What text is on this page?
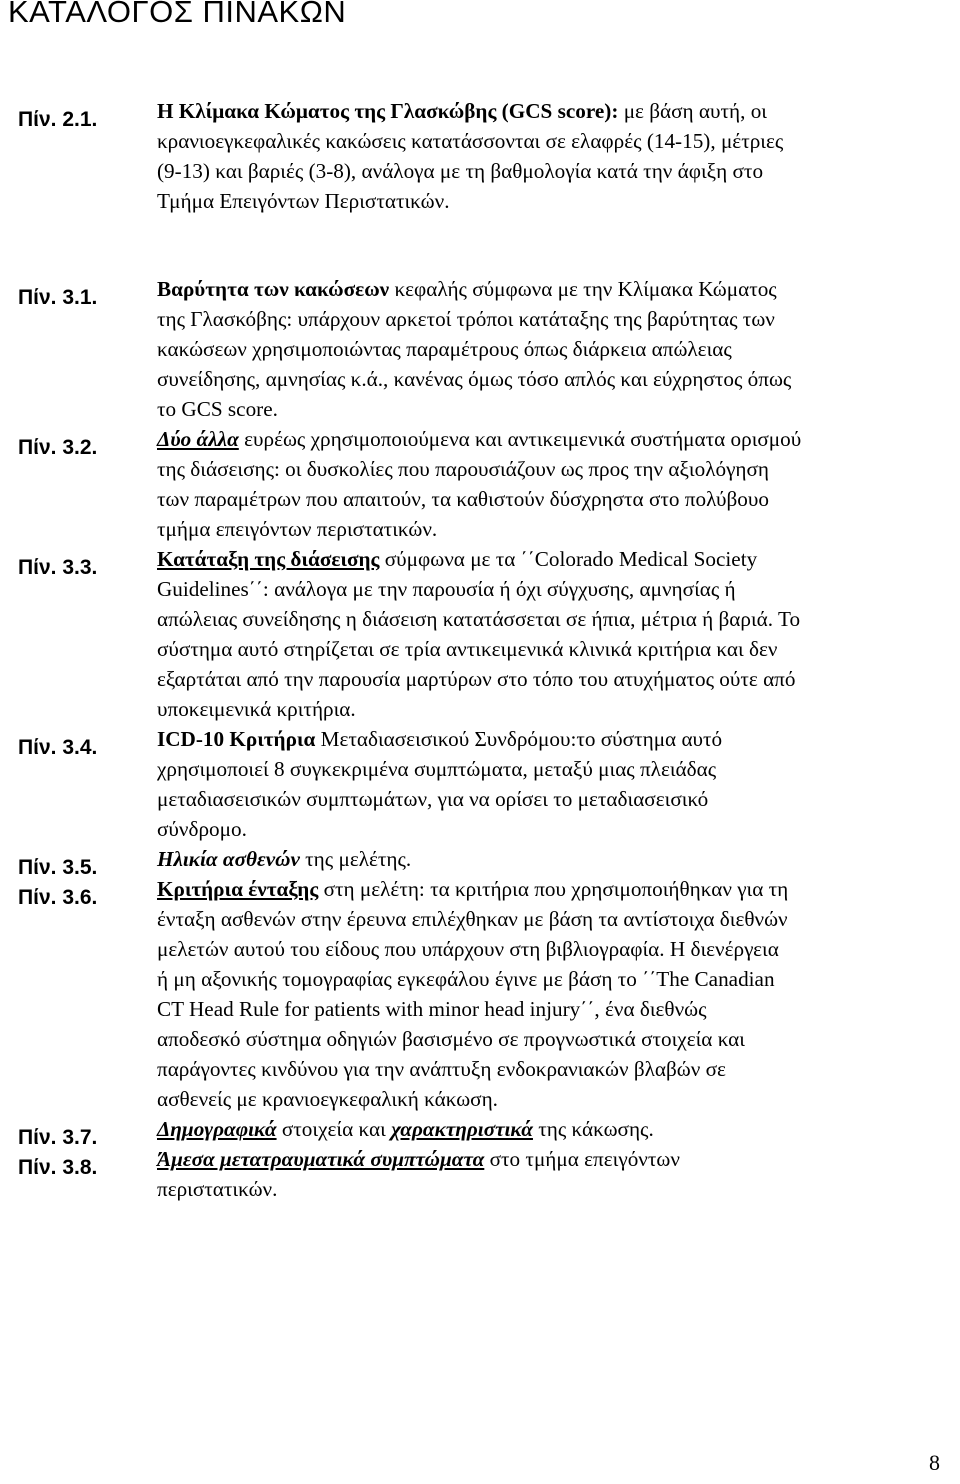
ΚΑΤΑΛΟΓΟΣ ΠΙΝΑΚΩΝ
Πίν. 2.1.
Πίν. 3.1.
Πίν. 3.2.
Πίν. 3.3.
Πίν. 3.4.
Πίν. 3.5.
Πίν. 3.6.
Πίν. 3.7.
Πίν. 3.8.
Η Κλίμακα Κώματος της Γλασκώβης (GCS score): με βάση αυτή, οι
κρανιοεγκεφαλικές κακώσεις κατατάσσονται σε ελαφρές (14-15), μέτριες
(9-13) και βαριές (3-8), ανάλογα με τη βαθμολογία κατά την άφιξη στο
Τμήμα Επειγόντων Περιστατικών.
Βαρύτητα των κακώσεων κεφαλής σύμφωνα με την Κλίμακα Κώματος
της Γλασκόβης: υπάρχουν αρκετοί τρόποι κατάταξης της βαρύτητας των
κακώσεων χρησιμοποιώντας παραμέτρους όπως διάρκεια απώλειας
συνείδησης, αμνησίας κ.ά., κανένας όμως τόσο απλός και εύχρηστος όπως
το GCS score.
Δύο άλλα ευρέως χρησιμοποιούμενα και αντικειμενικά συστήματα ορισμού
της διάσεισης: οι δυσκολίες που παρουσιάζουν ως προς την αξιολόγηση
των παραμέτρων που απαιτούν, τα καθιστούν δύσχρηστα στο πολύβουο
τμήμα επειγόντων περιστατικών.
Κατάταξη της διάσεισης σύμφωνα με τα ΄΄Colorado Medical Society
Guidelines΄΄: ανάλογα με την παρουσία ή όχι σύγχυσης, αμνησίας ή
απώλειας συνείδησης η διάσειση κατατάσσεται σε ήπια, μέτρια ή βαριά. Το
σύστημα αυτό στηρίζεται σε τρία αντικειμενικά κλινικά κριτήρια και δεν
εξαρτάται από την παρουσία μαρτύρων στο τόπο του ατυχήματος ούτε από
υποκειμενικά κριτήρια.
ICD-10 Κριτήρια Μεταδιασεισικού Συνδρόμου:το σύστημα αυτό
χρησιμοποιεί 8 συγκεκριμένα συμπτώματα, μεταξύ μιας πλειάδας
μεταδιασεισικών συμπτωμάτων, για να ορίσει το μεταδιασεισικό
σύνδρομο.
Ηλικία ασθενών της μελέτης.
Κριτήρια ένταξης στη μελέτη: τα κριτήρια που χρησιμοποιήθηκαν για τη
ένταξη ασθενών στην έρευνα επιλέχθηκαν με βάση τα αντίστοιχα διεθνών
μελετών αυτού του είδους που υπάρχουν στη βιβλιογραφία. Η διενέργεια
ή μη αξονικής τομογραφίας εγκεφάλου έγινε με βάση το ΄΄The Canadian
CT Head Rule for patients with minor head injury΄΄, ένα διεθνώς
αποδεσκό σύστημα οδηγιών βασισμένο σε προγνωστικά στοιχεία και
παράγοντες κινδύνου για την ανάπτυξη ενδοκρανιακών βλαβών σε
ασθενείς με κρανιοεγκεφαλική κάκωση.
Δημογραφικά στοιχεία και χαρακτηριστικά της κάκωσης.
Άμεσα μετατραυματικά συμπτώματα στο τμήμα επειγόντων
περιστατικών.
8
